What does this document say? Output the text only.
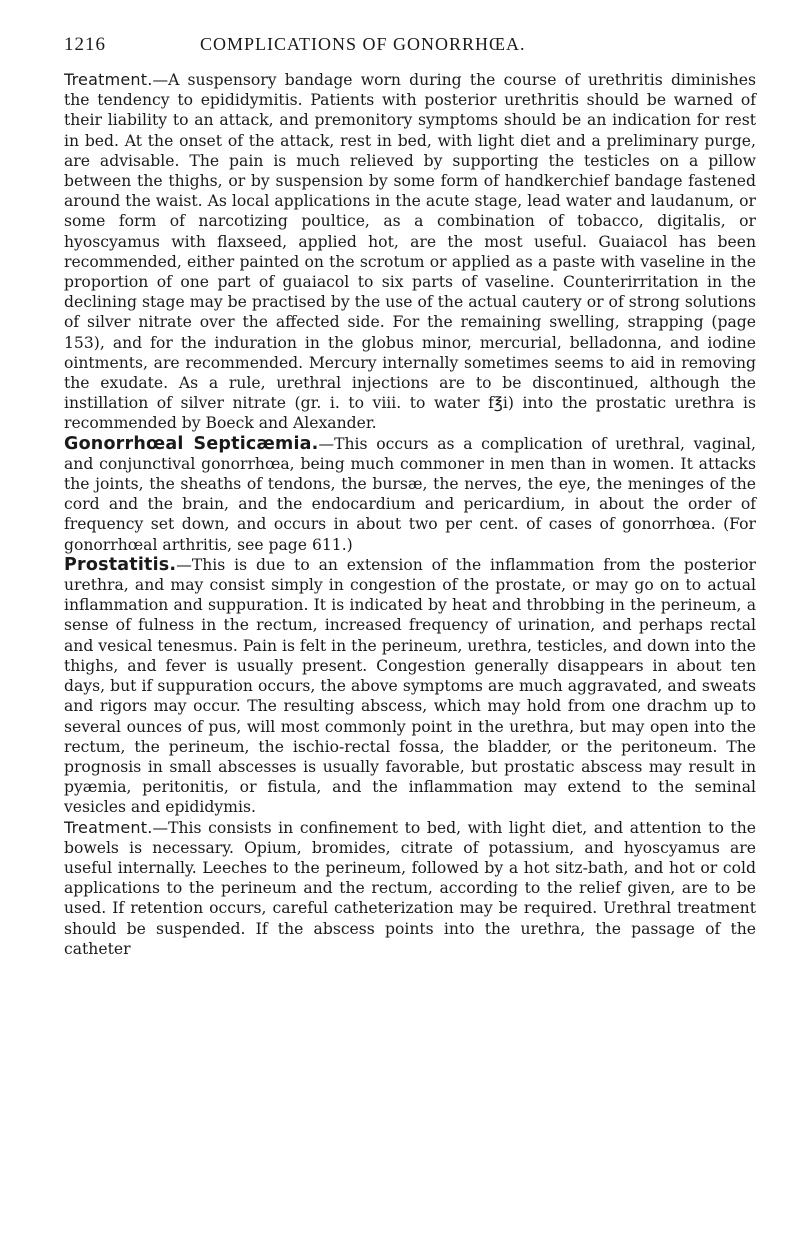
1216	COMPLICATIONS OF GONORRHŒA.

Treatment.—A suspensory bandage worn during the course of urethritis diminishes the tendency to epididymitis. Patients with posterior urethritis should be warned of their liability to an attack, and premonitory symptoms should be an indication for rest in bed. At the onset of the attack, rest in bed, with light diet and a preliminary purge, are advisable. The pain is much relieved by supporting the testicles on a pillow between the thighs, or by suspension by some form of handkerchief bandage fastened around the waist. As local applications in the acute stage, lead water and laudanum, or some form of narcotizing poultice, as a combination of tobacco, digitalis, or hyoscyamus with flaxseed, applied hot, are the most useful. Guaiacol has been recommended, either painted on the scrotum or applied as a paste with vaseline in the proportion of one part of guaiacol to six parts of vaseline. Counterirritation in the declining stage may be practised by the use of the actual cautery or of strong solutions of silver nitrate over the affected side. For the remaining swelling, strapping (page 153), and for the induration in the globus minor, mercurial, belladonna, and iodine ointments, are recommended. Mercury internally sometimes seems to aid in removing the exudate. As a rule, urethral injections are to be discontinued, although the instillation of silver nitrate (gr. i. to viii. to water f℥i) into the prostatic urethra is recommended by Boeck and Alexander.

Gonorrhœal Septicæmia.—This occurs as a complication of urethral, vaginal, and conjunctival gonorrhœa, being much commoner in men than in women. It attacks the joints, the sheaths of tendons, the bursæ, the nerves, the eye, the meninges of the cord and the brain, and the endocardium and pericardium, in about the order of frequency set down, and occurs in about two per cent. of cases of gonorrhœa. (For gonorrhœal arthritis, see page 611.)

Prostatitis.—This is due to an extension of the inflammation from the posterior urethra, and may consist simply in congestion of the prostate, or may go on to actual inflammation and suppuration. It is indicated by heat and throbbing in the perineum, a sense of fulness in the rectum, increased frequency of urination, and perhaps rectal and vesical tenesmus. Pain is felt in the perineum, urethra, testicles, and down into the thighs, and fever is usually present. Congestion generally disappears in about ten days, but if suppuration occurs, the above symptoms are much aggravated, and sweats and rigors may occur. The resulting abscess, which may hold from one drachm up to several ounces of pus, will most commonly point in the urethra, but may open into the rectum, the perineum, the ischio-rectal fossa, the bladder, or the peritoneum. The prognosis in small abscesses is usually favorable, but prostatic abscess may result in pyæmia, peritonitis, or fistula, and the inflammation may extend to the seminal vesicles and epididymis.

Treatment.—This consists in confinement to bed, with light diet, and attention to the bowels is necessary. Opium, bromides, citrate of potassium, and hyoscyamus are useful internally. Leeches to the perineum, followed by a hot sitz-bath, and hot or cold applications to the perineum and the rectum, according to the relief given, are to be used. If retention occurs, careful catheterization may be required. Urethral treatment should be suspended. If the abscess points into the urethra, the passage of the catheter
